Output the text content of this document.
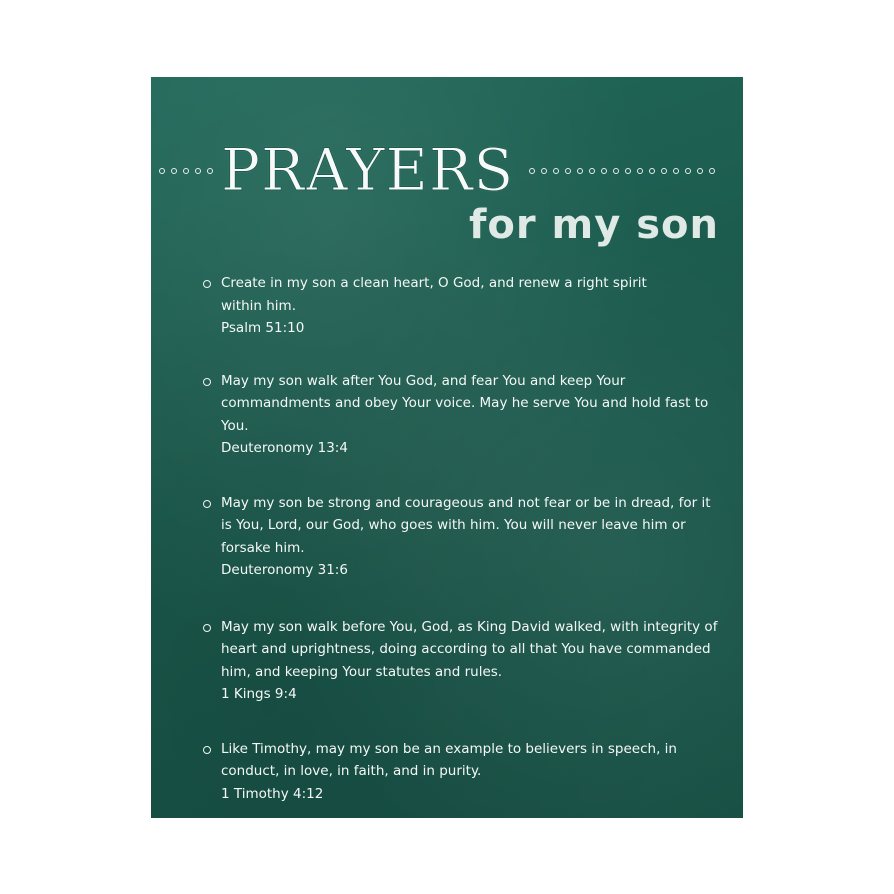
PRAYERS
for my son
Create in my son a clean heart, O God, and renew a right spirit within him.
Psalm 51:10
May my son walk after You God, and fear You and keep Your commandments and obey Your voice. May he serve You and hold fast to You.
Deuteronomy 13:4
May my son be strong and courageous and not fear or be in dread, for it is You, Lord, our God, who goes with him. You will never leave him or forsake him.
Deuteronomy 31:6
May my son walk before You, God, as King David walked, with integrity of heart and uprightness, doing according to all that You have commanded him, and keeping Your statutes and rules.
1 Kings 9:4
Like Timothy, may my son be an example to believers in speech, in conduct, in love, in faith, and in purity.
1 Timothy 4:12
